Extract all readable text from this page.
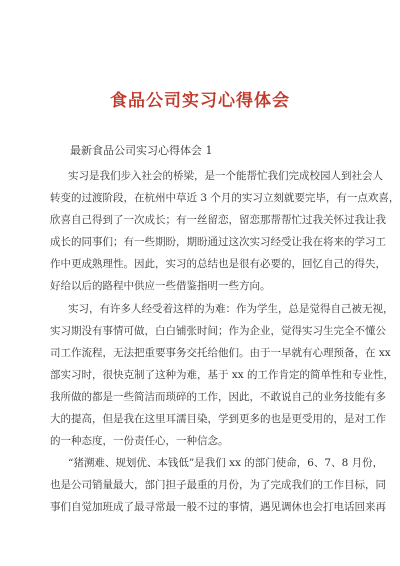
食品公司实习心得体会
最新食品公司实习心得体会 1
实习是我们步入社会的桥梁，是一个能帮忙我们完成校园人到社会人
转变的过渡阶段，在杭州中草近 3 个月的实习立刻就要完毕，有一点欢喜，
欣喜自己得到了一次成长；有一丝留恋，留恋那帮帮忙过我关怀过我让我
成长的同事们；有一些期盼，期盼通过这次实习经受让我在将来的学习工
作中更成熟理性。因此，实习的总结也是很有必要的，回忆自己的得失，
好给以后的路程中供应一些借鉴指明一些方向。
实习，有许多人经受着这样的为难：作为学生，总是觉得自己被无视，
实习期没有事情可做，白白铺张时间；作为企业，觉得实习生完全不懂公
司工作流程，无法把重要事务交托给他们。由于一早就有心理预备，在 xx
部实习时，很快克制了这种为难，基于 xx 的工作肯定的简单性和专业性，
我所做的都是一些简洁而琐碎的工作，因此，不敢说自己的业务技能有多
大的提高，但是我在这里耳濡目染，学到更多的也是更受用的，是对工作
的一种态度，一份责任心，一种信念。
“猪溯难、规划优、本钱低”是我们 xx 的部门使命，6、7、8 月份，
也是公司销量最大，部门担子最重的月份，为了完成我们的工作目标，同
事们自觉加班成了最寻常最一般不过的事情，遇见调休也会打电话回来再
